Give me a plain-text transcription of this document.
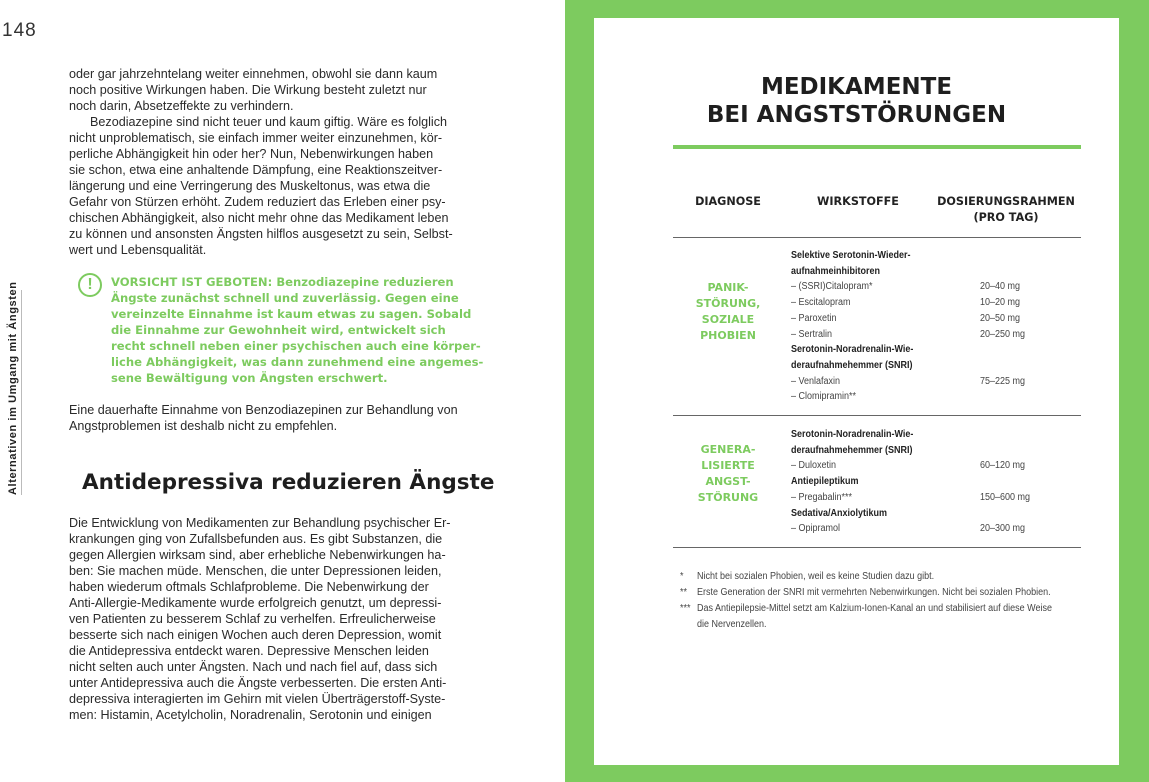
148
Alternativen im Umgang mit Ängsten	!
Antidepressiva reduzieren Ängste
DIAGNOSE	WIRKSTOFFE	DOSIERUNGSRAHMEN
(PRO TAG)
oder gar jahrzehntelang weiter einnehmen, obwohl sie dann kaum
noch positive Wirkungen haben. Die Wirkung besteht zuletzt nur
noch darin, Absetzeffekte zu verhindern.
Bezodiazepine sind nicht teuer und kaum giftig. Wäre es folglich
nicht unproblematisch, sie einfach immer weiter einzunehmen, kör-
perliche Abhängigkeit hin oder her? Nun, Nebenwirkungen haben
sie schon, etwa eine anhaltende Dämpfung, eine Reaktionszeitver-
längerung und eine Verringerung des Muskeltonus, was etwa die
Gefahr von Stürzen erhöht. Zudem reduziert das Erleben einer psy-
chischen Abhängigkeit, also nicht mehr ohne das Medikament leben
zu können und ansonsten Ängsten hilflos ausgesetzt zu sein, Selbst-
wert und Lebensqualität.
VORSICHT IST GEBOTEN: Benzodiazepine reduzieren
Ängste zunächst schnell und zuverlässig. Gegen eine
vereinzelte Einnahme ist kaum etwas zu sagen. Sobald
die Einnahme zur Gewohnheit wird, entwickelt sich
recht schnell neben einer psychischen auch eine körper-
liche Abhängigkeit, was dann zunehmend eine angemes-
sene Bewältigung von Ängsten erschwert.
Eine dauerhafte Einnahme von Benzodiazepinen zur Behandlung von
Angstproblemen ist deshalb nicht zu empfehlen.
Die Entwicklung von Medikamenten zur Behandlung psychischer Er-
krankungen ging von Zufallsbefunden aus. Es gibt Substanzen, die
gegen Allergien wirksam sind, aber erhebliche Nebenwirkungen ha-
ben: Sie machen müde. Menschen, die unter Depressionen leiden,
haben wiederum oftmals Schlafprobleme. Die Nebenwirkung der
Anti-Allergie-Medikamente wurde erfolgreich genutzt, um depressi-
ven Patienten zu besserem Schlaf zu verhelfen. Erfreulicherweise
besserte sich nach einigen Wochen auch deren Depression, womit
die Antidepressiva entdeckt waren. Depressive Menschen leiden
nicht selten auch unter Ängsten. Nach und nach fiel auf, dass sich
unter Antidepressiva auch die Ängste verbesserten. Die ersten Anti-
depressiva interagierten im Gehirn mit vielen Überträgerstoff-Syste-
men: Histamin, Acetylcholin, Noradrenalin, Serotonin und einigen
MEDIKAMENTE
BEI ANGSTSTÖRUNGEN
PANIK-
STÖRUNG,
SOZIALE
PHOBIEN
Selektive Serotonin-Wieder-
aufnahmeinhibitoren
– (SSRI)Citalopram*	20–40 mg
– Escitalopram	10–20 mg
– Paroxetin	20–50 mg
– Sertralin	20–250 mg
Serotonin-Noradrenalin-Wie-
deraufnahmehemmer (SNRI)
– Venlafaxin	75–225 mg
– Clomipramin**
GENERA-
LISIERTE
ANGST-
STÖRUNG
Serotonin-Noradrenalin-Wie-
deraufnahmehemmer (SNRI)
– Duloxetin	60–120 mg
Antiepileptikum
– Pregabalin***	150–600 mg
Sedativa/Anxiolytikum
– Opipramol	20–300 mg
* Nicht bei sozialen Phobien, weil es keine Studien dazu gibt.
** Erste Generation der SNRI mit vermehrten Nebenwirkungen. Nicht bei sozialen Phobien.
*** Das Antiepilepsie-Mittel setzt am Kalzium-Ionen-Kanal an und stabilisiert auf diese Weise
die Nervenzellen.
